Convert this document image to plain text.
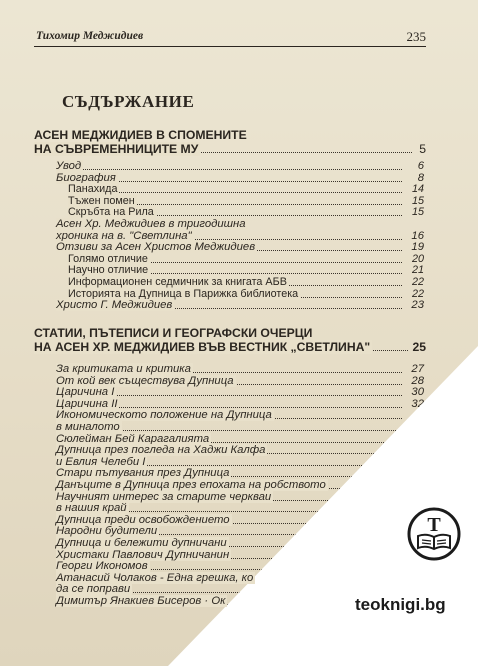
Тихомир Меджидиев	235
СЪДЪРЖАНИЕ
АСЕН МЕДЖИДИЕВ В СПОМЕНИТЕ
НА СЪВРЕМЕННИЦИТЕ МУ	5
Увод	6
Биография	8
Панахида	14
Тъжен помен	15
Скръбта на Рила	15
Асен Хр. Меджидиев в тригодишна
хроника на в. "Светлина"	16
Отзиви за Асен Христов Меджидиев	19
Голямо отличие	20
Научно отличие	21
Информационен седмичник за книгата АБВ	22
Историята на Дупница в Парижка библиотека	22
Христо Г. Меджидиев	23
СТАТИИ, ПЪТЕПИСИ И ГЕОГРАФСКИ ОЧЕРЦИ
НА АСЕН ХР. МЕДЖИДИЕВ ВЪВ ВЕСТНИК „СВЕТЛИНА"	25
За критиката и критика	27
От кой век съществува Дупница	28
Царичина I	30
Царичина II	32
Икономическото положение на Дупница
в миналото
Сюлейман Бей Карагалията
Дупница през погледа на Хаджи Калфа
и Евлия Челеби I
Стари пътувания през Дупница
Данъците в Дупница през епохата на робството
Научният интерес за старите черкваи
в нашия край
Дупница преди освобождението
Народни будители
Дупница и бележити дупничани
Христаки Павлович Дупничанин
Георги Икономов
Атанасий Чолаков - Една грешка, ко
да се поправи
Димитър Янакиев Бисеров · Ок
Т
teoknigi.bg
